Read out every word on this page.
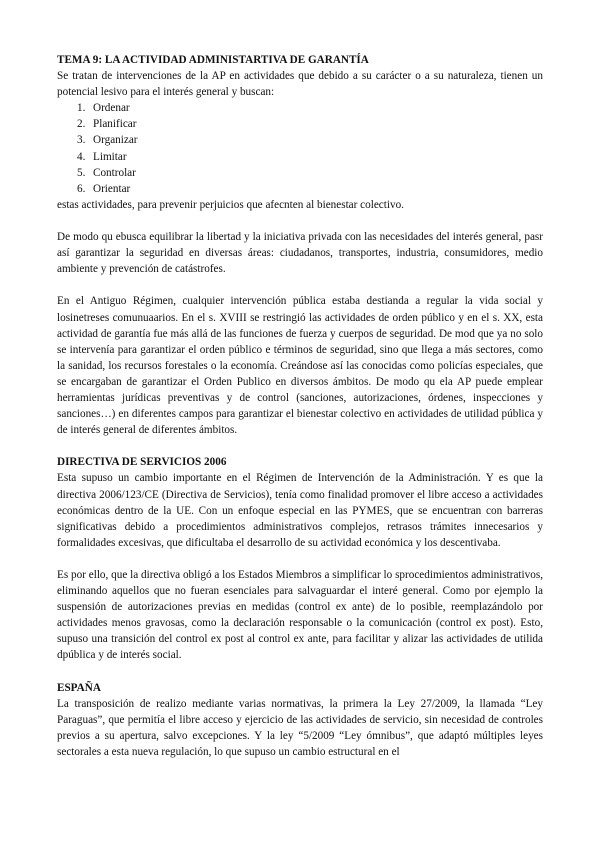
TEMA 9: LA ACTIVIDAD ADMINISTARTIVA DE GARANTÍA

Se tratan de intervenciones de la AP en actividades que debido a su carácter o a su naturaleza, tienen un potencial lesivo para el interés general y buscan:

1. Ordenar
2. Planificar
3. Organizar
4. Limitar
5. Controlar
6. Orientar

estas actividades, para prevenir perjuicios que afecnten al bienestar colectivo.

De modo qu ebusca equilibrar la libertad y la iniciativa privada con las necesidades del interés general, pasr así garantizar la seguridad en diversas áreas: ciudadanos, transportes, industria, consumidores, medio ambiente y prevención de catástrofes.

En el Antiguo Régimen, cualquier intervención pública estaba destianda a regular la vida social y losinetreses comunuaarios. En el s. XVIII se restringió las actividades de orden público y en el s. XX, esta actividad de garantía fue más allá de las funciones de fuerza y cuerpos de seguridad. De mod que ya no solo se intervenía para garantizar el orden público e términos de seguridad, sino que llega a más sectores, como la sanidad, los recursos forestales o la economía. Creándose así las conocidas como policías especiales, que se encargaban de garantizar el Orden Publico en diversos ámbitos. De modo qu ela AP puede emplear herramientas jurídicas preventivas y de control (sanciones, autorizaciones, órdenes, inspecciones y sanciones…) en diferentes campos para garantizar el bienestar colectivo en actividades de utilidad pública y de interés general de diferentes ámbitos.

DIRECTIVA DE SERVICIOS 2006

Esta supuso un cambio importante en el Régimen de Intervención de la Administración. Y es que la directiva 2006/123/CE (Directiva de Servicios), tenía como finalidad promover el libre acceso a actividades económicas dentro de la UE. Con un enfoque especial en las PYMES, que se encuentran con barreras significativas debido a procedimientos administrativos complejos, retrasos trámites innecesarios y formalidades excesivas, que dificultaba el desarrollo de su actividad económica y los descentivaba.

Es por ello, que la directiva obligó a los Estados Miembros a simplificar lo sprocedimientos administrativos, eliminando aquellos que no fueran esenciales para salvaguardar el interé general. Como por ejemplo la suspensión de autorizaciones previas en medidas (control ex ante) de lo posible, reemplazándolo por actividades menos gravosas, como la declaración responsable o la comunicación (control ex post). Esto, supuso una transición del control ex post al control ex ante, para facilitar y alizar las actividades de utilida dpública y de interés social.

ESPAÑA

La transposición de realizo mediante varias normativas, la primera la Ley 27/2009, la llamada “Ley Paraguas”, que permitía el libre acceso y ejercicio de las actividades de servicio, sin necesidad de controles previos a su apertura, salvo excepciones. Y la ley “5/2009 “Ley ómnibus”, que adaptó múltiples leyes sectorales a esta nueva regulación, lo que supuso un cambio estructural en el
